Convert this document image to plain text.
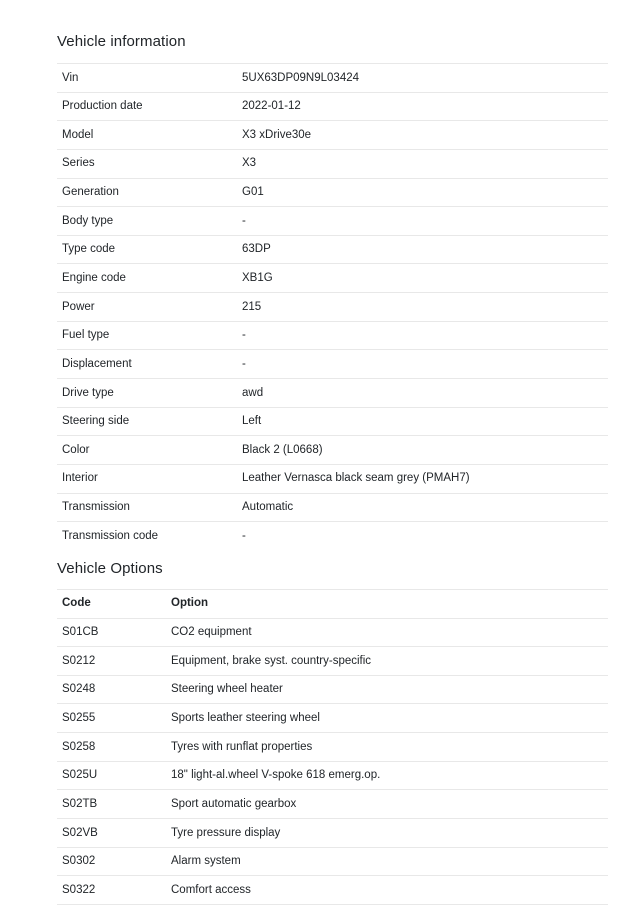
Vehicle information
Vin	5UX63DP09N9L03424
Production date	2022-01-12
Model	X3 xDrive30e
Series	X3
Generation	G01
Body type	-
Type code	63DP
Engine code	XB1G
Power	215
Fuel type	-
Displacement	-
Drive type	awd
Steering side	Left
Color	Black 2 (L0668)
Interior	Leather Vernasca black seam grey (PMAH7)
Transmission	Automatic
Transmission code	-
Vehicle Options
Code	Option
S01CB	CO2 equipment
S0212	Equipment, brake syst. country-specific
S0248	Steering wheel heater
S0255	Sports leather steering wheel
S0258	Tyres with runflat properties
S025U	18" light-al.wheel V-spoke 618 emerg.op.
S02TB	Sport automatic gearbox
S02VB	Tyre pressure display
S0302	Alarm system
S0322	Comfort access
